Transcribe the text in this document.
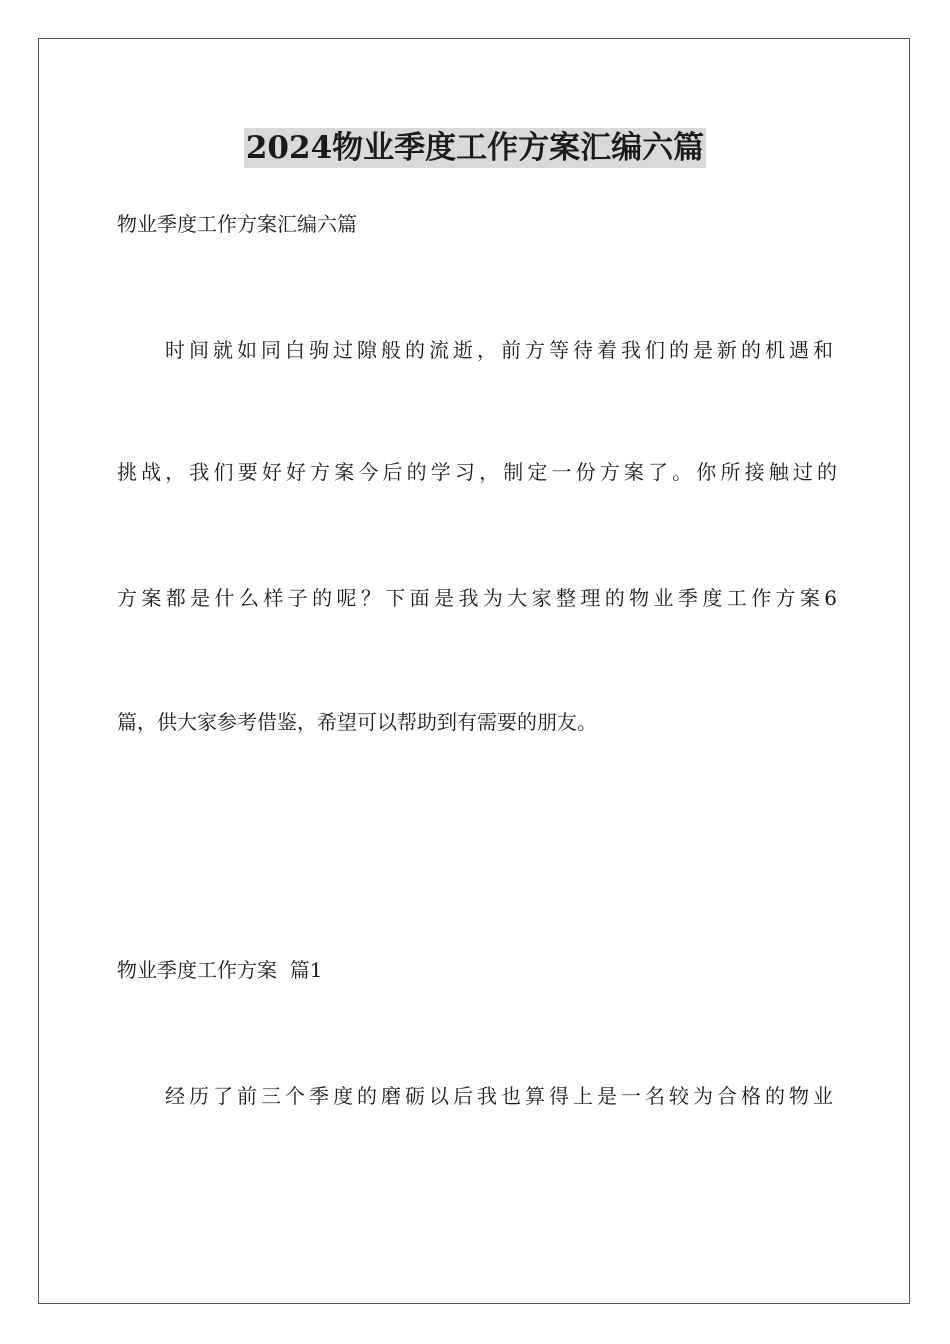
2024物业季度工作方案汇编六篇
物业季度工作方案汇编六篇
时间就如同白驹过隙般的流逝，前方等待着我们的是新的机遇和
挑战，我们要好好方案今后的学习，制定一份方案了。你所接触过的
方案都是什么样子的呢？下面是我为大家整理的物业季度工作方案6
篇，供大家参考借鉴，希望可以帮助到有需要的朋友。
物业季度工作方案  篇1
经历了前三个季度的磨砺以后我也算得上是一名较为合格的物业
